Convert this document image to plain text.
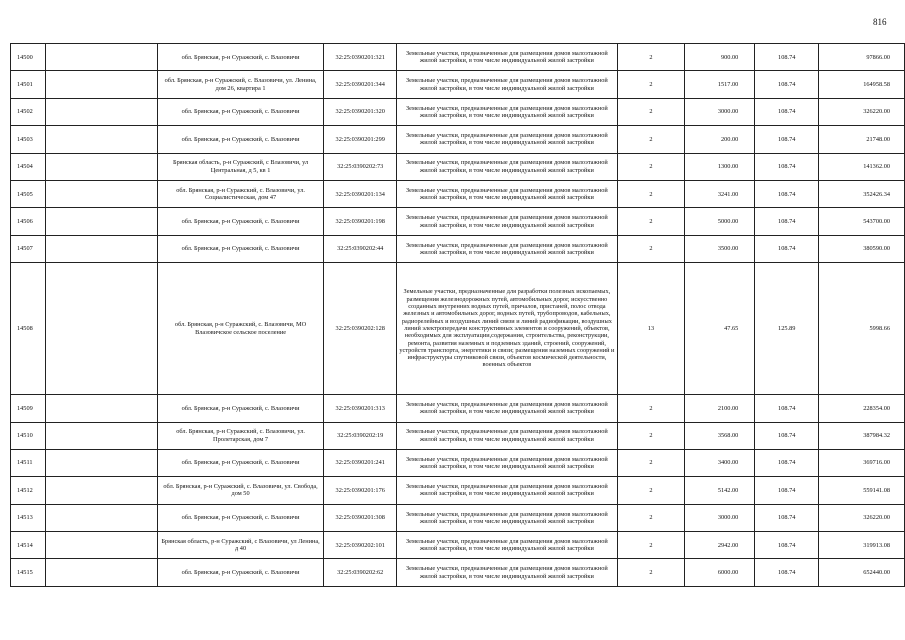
816
14500		обл. Брянская, р-н Суражский, с. Влазовичи	32:25:0390201:321	Земельные участки, предназначенные для размещения домов малоэтажной жилой застройки, в том числе индивидуальной жилой застройки	2	900.00	108.74	97866.00
14501		обл. Брянская, р-н Суражский, с. Влазовичи, ул. Ленина, дом 26, квартира 1	32:25:0390201:344	Земельные участки, предназначенные для размещения домов малоэтажной жилой застройки, в том числе индивидуальной жилой застройки	2	1517.00	108.74	164958.58
14502		обл. Брянская, р-н Суражский, с. Влазовичи	32:25:0390201:320	Земельные участки, предназначенные для размещения домов малоэтажной жилой застройки, в том числе индивидуальной жилой застройки	2	3000.00	108.74	326220.00
14503		обл. Брянская, р-н Суражский, с. Влазовичи	32:25:0390201:299	Земельные участки, предназначенные для размещения домов малоэтажной жилой застройки, в том числе индивидуальной жилой застройки	2	200.00	108.74	21748.00
14504		Брянская область, р-н Суражский, с Влазовичи, ул Центральная, д 5, кв 1	32:25:0390202:73	Земельные участки, предназначенные для размещения домов малоэтажной жилой застройки, в том числе индивидуальной жилой застройки	2	1300.00	108.74	141362.00
14505		обл. Брянская, р-н Суражский, с. Влазовичи, ул. Социалистическая, дом 47	32:25:0390201:134	Земельные участки, предназначенные для размещения домов малоэтажной жилой застройки, в том числе индивидуальной жилой застройки	2	3241.00	108.74	352426.34
14506		обл. Брянская, р-н Суражский, с. Влазовичи	32:25:0390201:198	Земельные участки, предназначенные для размещения домов малоэтажной жилой застройки, в том числе индивидуальной жилой застройки	2	5000.00	108.74	543700.00
14507		обл. Брянская, р-н Суражский, с. Влазовичи	32:25:0390202:44	Земельные участки, предназначенные для размещения домов малоэтажной жилой застройки, в том числе индивидуальной жилой застройки	2	3500.00	108.74	380590.00
14508		обл. Брянская, р-н Суражский, с. Влазовичи, МО Влазовичское сельское поселение	32:25:0390202:128	Земельные участки, предназначенные для разработки полезных ископаемых, размещения железнодорожных путей, автомобильных дорог, искусственно созданных внутренних водных путей, причалов, пристаней, полос отвода железных и автомобильных дорог, водных путей, трубопроводов, кабельных, радиорелейных и воздушных линий связи и линий радиофикации, воздушных линий электропередачи конструктивных элементов и сооружений, объектов, необходимых для эксплуатации,содержания, строительства, реконструкции, ремонта, развития наземных и подземных зданий, строений, сооружений, устройств транспорта, энергетики и связи; размещения наземных сооружений и инфраструктуры спутниковой связи, объектов космической деятельности, военных объектов	13	47.65	125.89	5998.66
14509		обл. Брянская, р-н Суражский, с. Влазовичи	32:25:0390201:313	Земельные участки, предназначенные для размещения домов малоэтажной жилой застройки, в том числе индивидуальной жилой застройки	2	2100.00	108.74	228354.00
14510		обл. Брянская, р-н Суражский, с. Влазовичи, ул. Пролетарская, дом 7	32:25:0390202:19	Земельные участки, предназначенные для размещения домов малоэтажной жилой застройки, в том числе индивидуальной жилой застройки	2	3568.00	108.74	387984.32
14511		обл. Брянская, р-н Суражский, с. Влазовичи	32:25:0390201:241	Земельные участки, предназначенные для размещения домов малоэтажной жилой застройки, в том числе индивидуальной жилой застройки	2	3400.00	108.74	369716.00
14512		обл. Брянская, р-н Суражский, с. Влазовичи, ул. Свобода, дом 50	32:25:0390201:176	Земельные участки, предназначенные для размещения домов малоэтажной жилой застройки, в том числе индивидуальной жилой застройки	2	5142.00	108.74	559141.08
14513		обл. Брянская, р-н Суражский, с. Влазовичи	32:25:0390201:308	Земельные участки, предназначенные для размещения домов малоэтажной жилой застройки, в том числе индивидуальной жилой застройки	2	3000.00	108.74	326220.00
14514		Брянская область, р-н Суражский, с Влазовичи, ул Ленина, д 40	32:25:0390202:101	Земельные участки, предназначенные для размещения домов малоэтажной жилой застройки, в том числе индивидуальной жилой застройки	2	2942.00	108.74	319913.08
14515		обл. Брянская, р-н Суражский, с. Влазовичи	32:25:0390202:62	Земельные участки, предназначенные для размещения домов малоэтажной жилой застройки, в том числе индивидуальной жилой застройки	2	6000.00	108.74	652440.00
